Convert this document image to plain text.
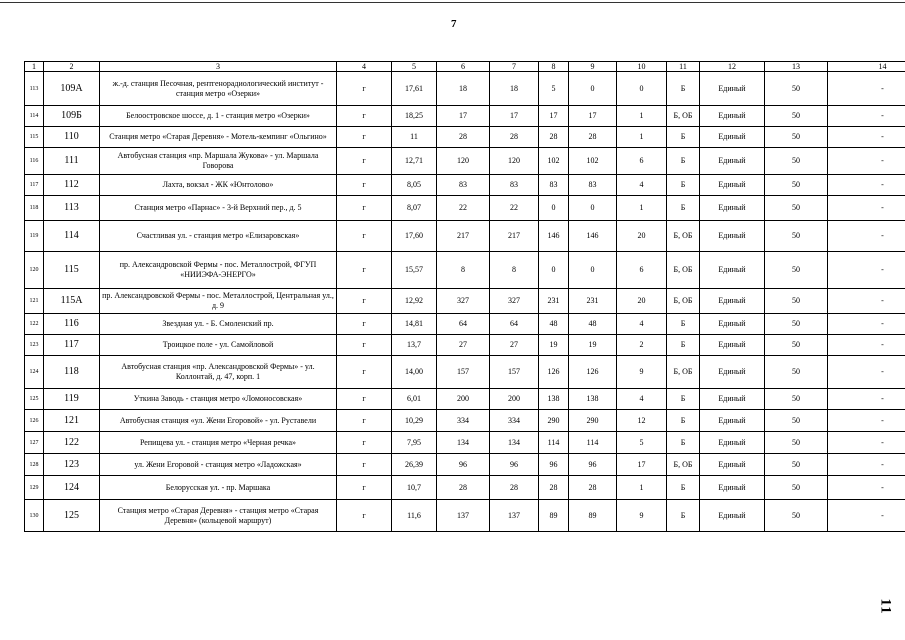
7
1	2	3	4	5	6	7	8	9	10	11	12	13	14
113	109А	ж.-д. станция Песочная, рентгенорадиологический институт - станция метро «Озерки»	г	17,61	18	18	5	0	0	Б	Единый	50	-
114	109Б	Белоостровское шоссе, д. 1 - станция метро «Озерки»	г	18,25	17	17	17	17	1	Б, ОБ	Единый	50	-
115	110	Станция метро «Старая Деревня» - Мотель-кемпинг «Ольгино»	г	11	28	28	28	28	1	Б	Единый	50	-
116	111	Автобусная станция «пр. Маршала Жукова» - ул. Маршала Говорова	г	12,71	120	120	102	102	6	Б	Единый	50	-
117	112	Лахта, вокзал - ЖК «Юнтолово»	г	8,05	83	83	83	83	4	Б	Единый	50	-
118	113	Станция метро «Парнас» - 3-й Верхний пер., д. 5	г	8,07	22	22	0	0	1	Б	Единый	50	-
119	114	Счастливая ул. - станция метро «Елизаровская»	г	17,60	217	217	146	146	20	Б, ОБ	Единый	50	-
120	115	пр. Александровской Фермы - пос. Металлострой, ФГУП «НИИЭФА-ЭНЕРГО»	г	15,57	8	8	0	0	6	Б, ОБ	Единый	50	-
121	115А	пр. Александровской Фермы - пос. Металлострой, Центральная ул., д. 9	г	12,92	327	327	231	231	20	Б, ОБ	Единый	50	-
122	116	Звездная ул. - Б. Смоленский пр.	г	14,81	64	64	48	48	4	Б	Единый	50	-
123	117	Троицкое поле - ул. Самойловой	г	13,7	27	27	19	19	2	Б	Единый	50	-
124	118	Автобусная станция «пр. Александровской Фермы» - ул. Коллонтай, д. 47, корп. 1	г	14,00	157	157	126	126	9	Б, ОБ	Единый	50	-
125	119	Уткина Заводь - станция метро «Ломоносовская»	г	6,01	200	200	138	138	4	Б	Единый	50	-
126	121	Автобусная станция «ул. Жени Егоровой» - ул. Руставели	г	10,29	334	334	290	290	12	Б	Единый	50	-
127	122	Репищева ул. - станция метро «Черная речка»	г	7,95	134	134	114	114	5	Б	Единый	50	-
128	123	ул. Жени Егоровой - станция метро «Ладожская»	г	26,39	96	96	96	96	17	Б, ОБ	Единый	50	-
129	124	Белорусская ул. - пр. Маршака	г	10,7	28	28	28	28	1	Б	Единый	50	-
130	125	Станция метро «Старая Деревня» - станция метро «Старая Деревня» (кольцевой маршрут)	г	11,6	137	137	89	89	9	Б	Единый	50	-
11
